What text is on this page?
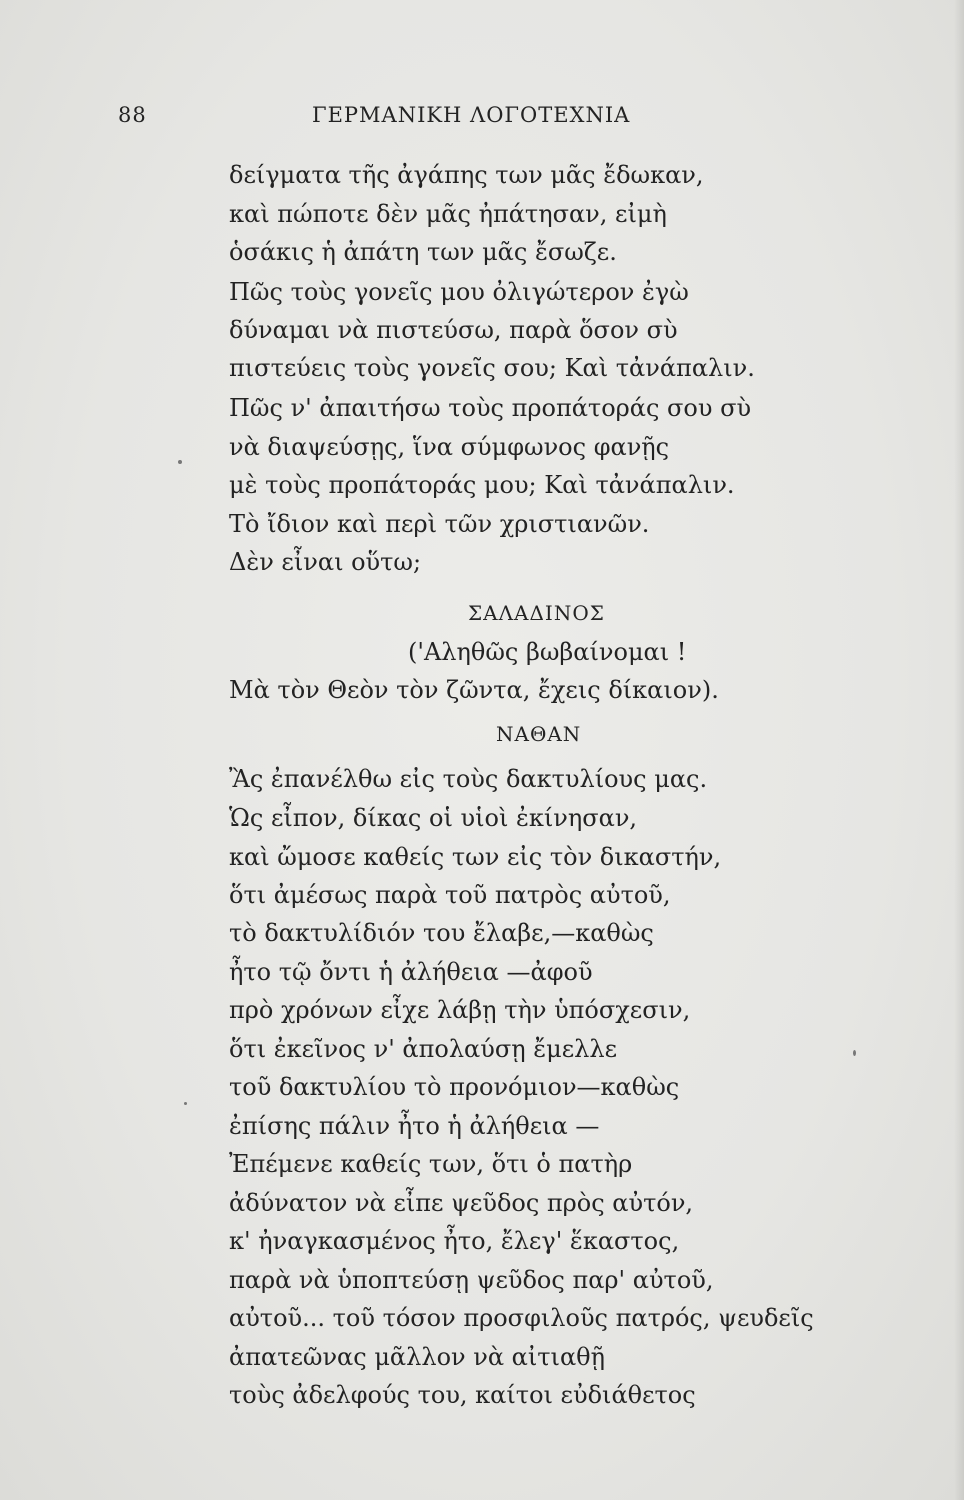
88	ΓΕΡΜΑΝΙΚΗ ΛΟΓΟΤΕΧΝΙΑ
δείγματα τῆς ἀγάπης των μᾶς ἔδωκαν,
καὶ πώποτε δὲν μᾶς ἠπάτησαν, εἰμὴ
ὁσάκις ἡ ἀπάτη των μᾶς ἔσωζε.
Πῶς τοὺς γονεῖς μου ὀλιγώτερον ἐγὼ
δύναμαι νὰ πιστεύσω, παρὰ ὅσον σὺ
πιστεύεις τοὺς γονεῖς σου; Καὶ τἀνάπαλιν.
Πῶς ν' ἀπαιτήσω τοὺς προπάτοράς σου σὺ
νὰ διαψεύσῃς, ἵνα σύμφωνος φανῇς
μὲ τοὺς προπάτοράς μου; Καὶ τἀνάπαλιν.
Τὸ ἴδιον καὶ περὶ τῶν χριστιανῶν.
Δὲν εἶναι οὕτω;
ΣΑΛΑΔΙΝΟΣ
('Αληθῶς βωβαίνομαι !
Μὰ τὸν Θεὸν τὸν ζῶντα, ἔχεις δίκαιον).
ΝΑΘΑΝ
Ἂς ἐπανέλθω εἰς τοὺς δακτυλίους μας.
Ὡς εἶπον, δίκας οἱ υἱοὶ ἐκίνησαν,
καὶ ὤμοσε καθείς των εἰς τὸν δικαστήν,
ὅτι ἀμέσως παρὰ τοῦ πατρὸς αὐτοῦ,
τὸ δακτυλίδιόν του ἔλαβε,—καθὼς
ἦτο τῷ ὄντι ἡ ἀλήθεια —ἀφοῦ
πρὸ χρόνων εἶχε λάβῃ τὴν ὑπόσχεσιν,
ὅτι ἐκεῖνος ν' ἀπολαύσῃ ἔμελλε
τοῦ δακτυλίου τὸ προνόμιον—καθὼς
ἐπίσης πάλιν ἦτο ἡ ἀλήθεια —
Ἐπέμενε καθείς των, ὅτι ὁ πατὴρ
ἀδύνατον νὰ εἶπε ψεῦδος πρὸς αὐτόν,
κ' ἠναγκασμένος ἦτο, ἔλεγ' ἕκαστος,
παρὰ νὰ ὑποπτεύσῃ ψεῦδος παρ' αὐτοῦ,
αὐτοῦ... τοῦ τόσον προσφιλοῦς πατρός, ψευδεῖς
ἀπατεῶνας μᾶλλον νὰ αἰτιαθῇ
τοὺς ἀδελφούς του, καίτοι εὐδιάθετος
